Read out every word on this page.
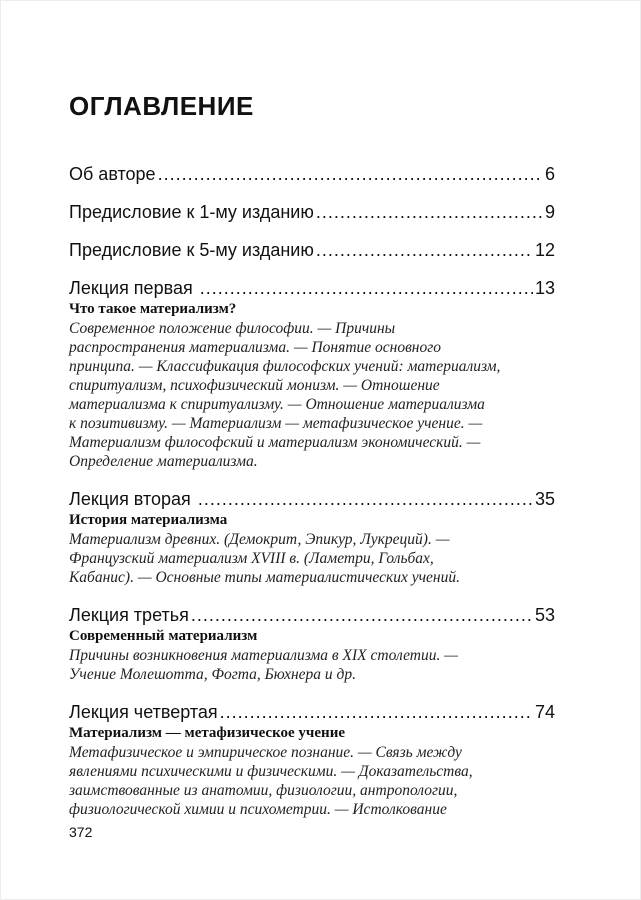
ОГЛАВЛЕНИЕ
Об авторе .....	6
Предисловие к 1-му изданию .....	9
Предисловие к 5-му изданию .....	12
Лекция первая .....	13

Что такое материализм?

Современное положение философии. — Причины

распространения материализма. — Понятие основного

принципа. — Классификация философских учений: материализм,

спиритуализм, психофизический монизм. — Отношение

материализма к спиритуализму. — Отношение материализма

к позитивизму. — Материализм — метафизическое учение. —

Материализм философский и материализм экономический. —

Определение материализма.

Лекция вторая .....	35

История материализма

Материализм древних. (Демокрит, Эпикур, Лукреций). —

Французский материализм XVIII в. (Ламетри, Гольбах,

Кабанис). — Основные типы материалистических учений.

Лекция третья .....	53

Современный материализм

Причины возникновения материализма в XIX столетии. —

Учение Молешотта, Фогта, Бюхнера и др.

Лекция четвертая .....	74

Материализм — метафизическое учение

Метафизическое и эмпирическое познание. — Связь между

явлениями психическими и физическими. — Доказательства,

заимствованные из анатомии, физиологии, антропологии,

физиологической химии и психометрии. — Истолкование

372
